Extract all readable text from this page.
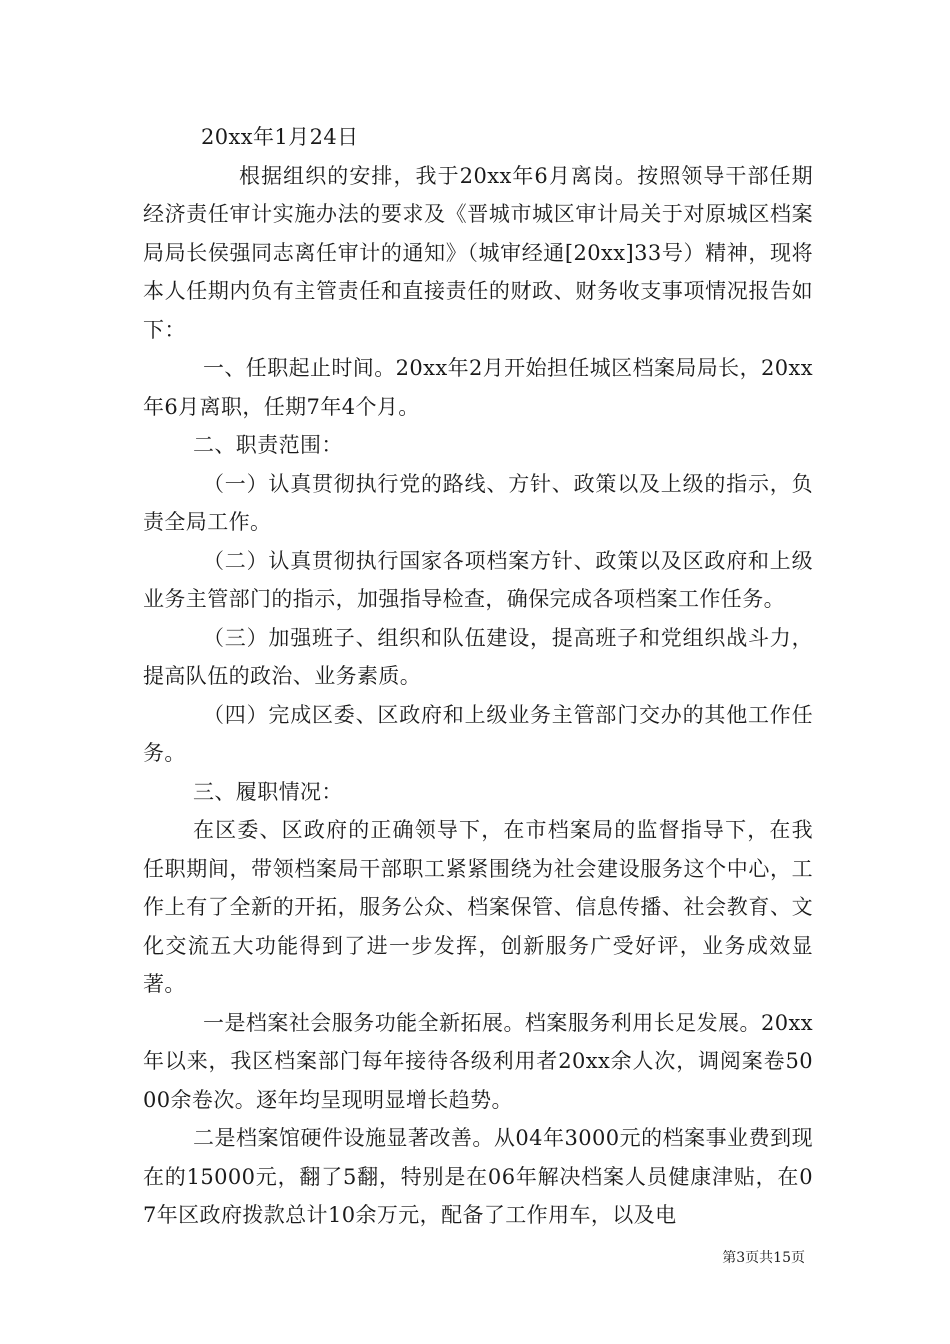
20xx年1月24日

根据组织的安排，我于20xx年6月离岗。按照领导干部任期经济责任审计实施办法的要求及《晋城市城区审计局关于对原城区档案局局长侯强同志离任审计的通知》（城审经通[20xx]33号）精神，现将本人任期内负有主管责任和直接责任的财政、财务收支事项情况报告如下：

一、任职起止时间。20xx年2月开始担任城区档案局局长，20xx年6月离职，任期7年4个月。

二、职责范围：

（一）认真贯彻执行党的路线、方针、政策以及上级的指示，负责全局工作。

（二）认真贯彻执行国家各项档案方针、政策以及区政府和上级业务主管部门的指示，加强指导检查，确保完成各项档案工作任务。

（三）加强班子、组织和队伍建设，提高班子和党组织战斗力，提高队伍的政治、业务素质。

（四）完成区委、区政府和上级业务主管部门交办的其他工作任务。

三、履职情况：

在区委、区政府的正确领导下，在市档案局的监督指导下，在我任职期间，带领档案局干部职工紧紧围绕为社会建设服务这个中心，工作上有了全新的开拓，服务公众、档案保管、信息传播、社会教育、文化交流五大功能得到了进一步发挥，创新服务广受好评，业务成效显著。

一是档案社会服务功能全新拓展。档案服务利用长足发展。20xx年以来，我区档案部门每年接待各级利用者20xx余人次，调阅案卷5000余卷次。逐年均呈现明显增长趋势。

二是档案馆硬件设施显著改善。从04年3000元的档案事业费到现在的15000元，翻了5翻，特别是在06年解决档案人员健康津贴，在07年区政府拨款总计10余万元，配备了工作用车，以及电

第3页共15页
